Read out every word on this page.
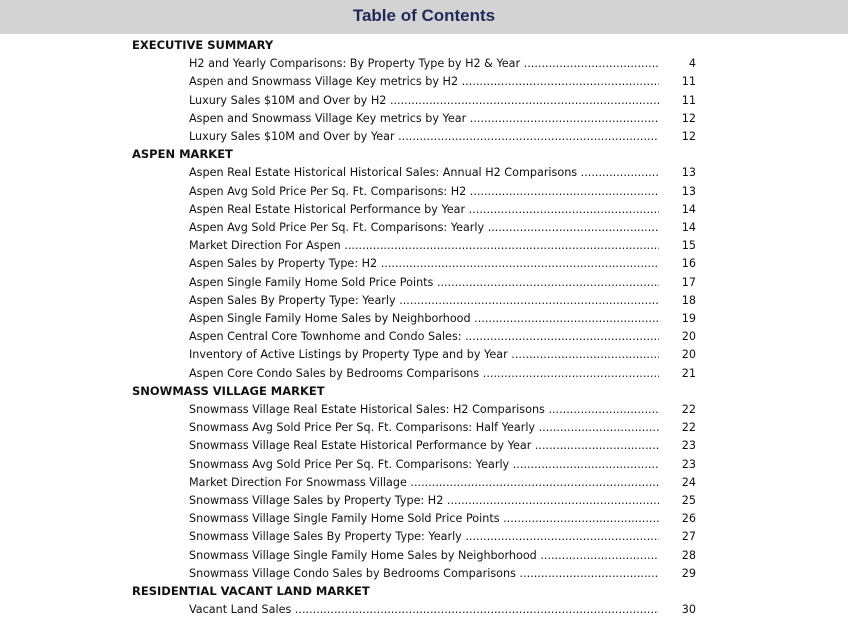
Table of Contents
EXECUTIVE SUMMARY
H2 and Yearly Comparisons: By Property Type by H2 & Year .....	4
Aspen and Snowmass Village Key metrics by H2 .....	11
Luxury Sales $10M and Over by H2 .....	11
Aspen and Snowmass Village Key metrics by Year .....	12
Luxury Sales $10M and Over by Year .....	12
ASPEN MARKET
Aspen Real Estate Historical Historical Sales: Annual H2 Comparisons .....	13
Aspen Avg Sold Price Per Sq. Ft. Comparisons: H2 .....	13
Aspen Real Estate Historical Performance by Year .....	14
Aspen Avg Sold Price Per Sq. Ft. Comparisons: Yearly .....	14
Market Direction For Aspen .....	15
Aspen Sales by Property Type: H2 .....	16
Aspen Single Family Home Sold Price Points .....	17
Aspen Sales By Property Type: Yearly .....	18
Aspen Single Family Home Sales by Neighborhood .....	19
Aspen Central Core Townhome and Condo Sales: .....	20
Inventory of Active Listings by Property Type and by Year .....	20
Aspen Core Condo Sales by Bedrooms Comparisons .....	21
SNOWMASS VILLAGE MARKET
Snowmass Village Real Estate Historical Sales: H2 Comparisons .....	22
Snowmass Avg Sold Price Per Sq. Ft. Comparisons: Half Yearly .....	22
Snowmass Village Real Estate Historical Performance by Year .....	23
Snowmass Avg Sold Price Per Sq. Ft. Comparisons: Yearly .....	23
Market Direction For Snowmass Village .....	24
Snowmass Village Sales by Property Type: H2 .....	25
Snowmass Village Single Family Home Sold Price Points .....	26
Snowmass Village Sales By Property Type: Yearly .....	27
Snowmass Village Single Family Home Sales by Neighborhood .....	28
Snowmass Village Condo Sales by Bedrooms Comparisons .....	29
RESIDENTIAL VACANT LAND MARKET
Vacant Land Sales .....	30
